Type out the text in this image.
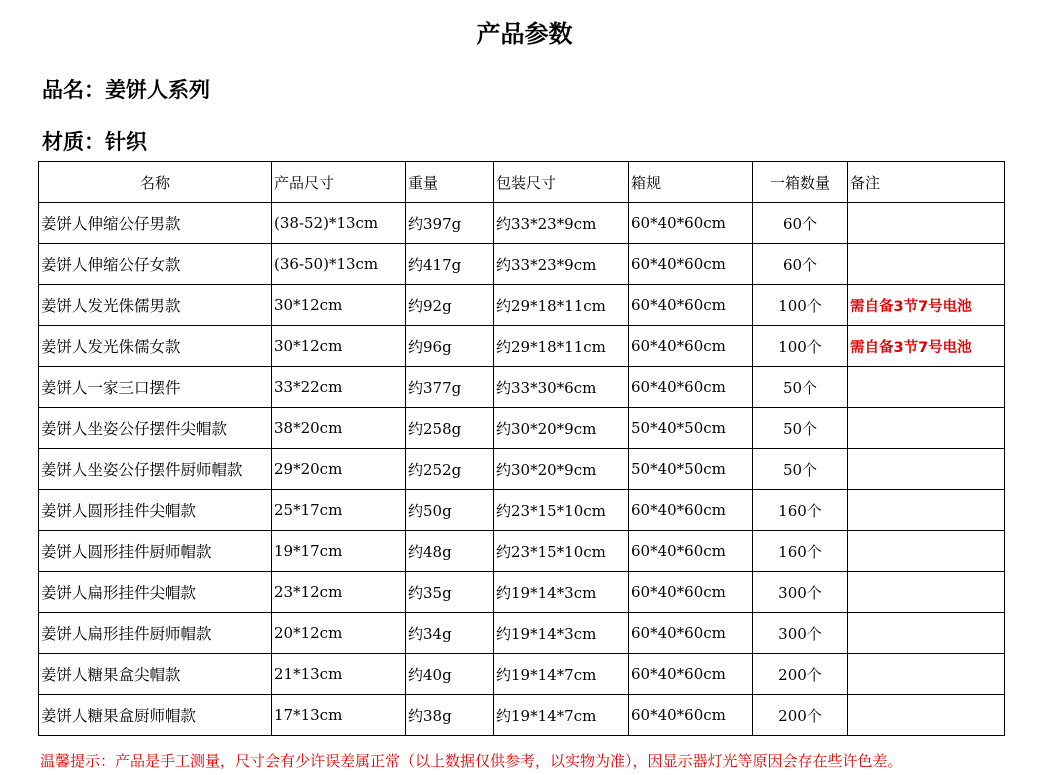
产品参数
品名：姜饼人系列
材质：针织
名称	产品尺寸	重量	包装尺寸	箱规	一箱数量	备注
姜饼人伸缩公仔男款	(38-52)*13cm	约397g	约33*23*9cm	60*40*60cm	60个	
姜饼人伸缩公仔女款	(36-50)*13cm	约417g	约33*23*9cm	60*40*60cm	60个	
姜饼人发光侏儒男款	30*12cm	约92g	约29*18*11cm	60*40*60cm	100个	需自备3节7号电池
姜饼人发光侏儒女款	30*12cm	约96g	约29*18*11cm	60*40*60cm	100个	需自备3节7号电池
姜饼人一家三口摆件	33*22cm	约377g	约33*30*6cm	60*40*60cm	50个	
姜饼人坐姿公仔摆件尖帽款	38*20cm	约258g	约30*20*9cm	50*40*50cm	50个	
姜饼人坐姿公仔摆件厨师帽款	29*20cm	约252g	约30*20*9cm	50*40*50cm	50个	
姜饼人圆形挂件尖帽款	25*17cm	约50g	约23*15*10cm	60*40*60cm	160个	
姜饼人圆形挂件厨师帽款	19*17cm	约48g	约23*15*10cm	60*40*60cm	160个	
姜饼人扁形挂件尖帽款	23*12cm	约35g	约19*14*3cm	60*40*60cm	300个	
姜饼人扁形挂件厨师帽款	20*12cm	约34g	约19*14*3cm	60*40*60cm	300个	
姜饼人糖果盒尖帽款	21*13cm	约40g	约19*14*7cm	60*40*60cm	200个	
姜饼人糖果盒厨师帽款	17*13cm	约38g	约19*14*7cm	60*40*60cm	200个	
温馨提示：产品是手工测量，尺寸会有少许误差属正常（以上数据仅供参考，以实物为准），因显示器灯光等原因会存在些许色差。
